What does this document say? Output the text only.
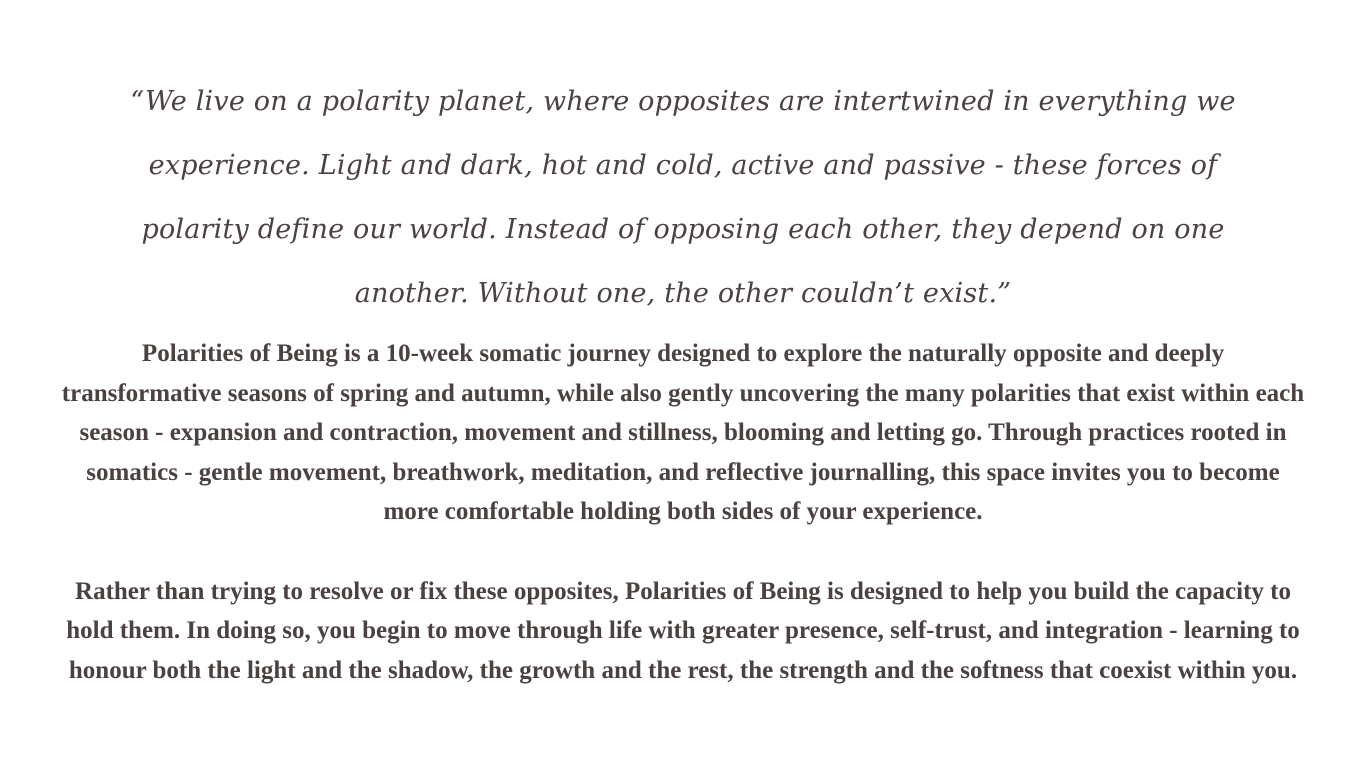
“We live on a polarity planet, where opposites are intertwined in everything we experience. Light and dark, hot and cold, active and passive - these forces of polarity define our world. Instead of opposing each other, they depend on one another. Without one, the other couldn’t exist.”

Polarities of Being is a 10-week somatic journey designed to explore the naturally opposite and deeply transformative seasons of spring and autumn, while also gently uncovering the many polarities that exist within each season - expansion and contraction, movement and stillness, blooming and letting go. Through practices rooted in somatics - gentle movement, breathwork, meditation, and reflective journalling, this space invites you to become more comfortable holding both sides of your experience.

Rather than trying to resolve or fix these opposites, Polarities of Being is designed to help you build the capacity to hold them. In doing so, you begin to move through life with greater presence, self-trust, and integration - learning to honour both the light and the shadow, the growth and the rest, the strength and the softness that coexist within you.
